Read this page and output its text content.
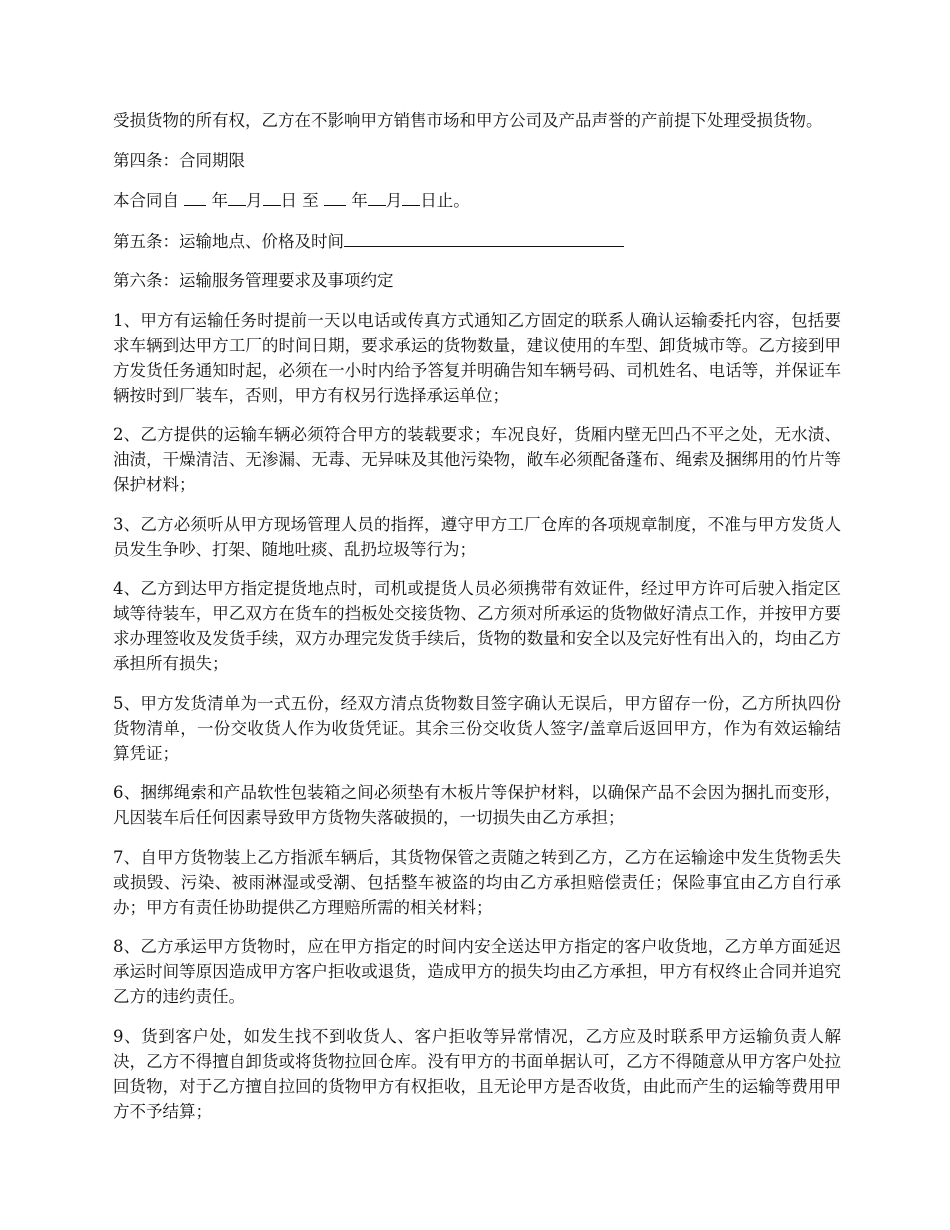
受损货物的所有权，乙方在不影响甲方销售市场和甲方公司及产品声誉的产前提下处理受损货物。

第四条：合同期限

本合同自 年 月 日 至 年 月 日止。

第五条：运输地点、价格及时间

第六条：运输服务管理要求及事项约定

1、甲方有运输任务时提前一天以电话或传真方式通知乙方固定的联系人确认运输委托内容，包括要求车辆到达甲方工厂的时间日期，要求承运的货物数量，建议使用的车型、卸货城市等。乙方接到甲方发货任务通知时起，必须在一小时内给予答复并明确告知车辆号码、司机姓名、电话等，并保证车辆按时到厂装车，否则，甲方有权另行选择承运单位；

2、乙方提供的运输车辆必须符合甲方的装载要求；车况良好，货厢内壁无凹凸不平之处，无水渍、油渍，干燥清洁、无渗漏、无毒、无异味及其他污染物，敞车必须配备蓬布、绳索及捆绑用的竹片等保护材料；

3、乙方必须听从甲方现场管理人员的指挥，遵守甲方工厂仓库的各项规章制度，不准与甲方发货人员发生争吵、打架、随地吐痰、乱扔垃圾等行为；

4、乙方到达甲方指定提货地点时，司机或提货人员必须携带有效证件，经过甲方许可后驶入指定区域等待装车，甲乙双方在货车的挡板处交接货物、乙方须对所承运的货物做好清点工作，并按甲方要求办理签收及发货手续，双方办理完发货手续后，货物的数量和安全以及完好性有出入的，均由乙方承担所有损失；

5、甲方发货清单为一式五份，经双方清点货物数目签字确认无误后，甲方留存一份，乙方所执四份货物清单，一份交收货人作为收货凭证。其余三份交收货人签字/盖章后返回甲方，作为有效运输结算凭证；

6、捆绑绳索和产品软性包装箱之间必须垫有木板片等保护材料，以确保产品不会因为捆扎而变形，凡因装车后任何因素导致甲方货物失落破损的，一切损失由乙方承担；

7、自甲方货物装上乙方指派车辆后，其货物保管之责随之转到乙方，乙方在运输途中发生货物丢失或损毁、污染、被雨淋湿或受潮、包括整车被盗的均由乙方承担赔偿责任；保险事宜由乙方自行承办；甲方有责任协助提供乙方理赔所需的相关材料；

8、乙方承运甲方货物时，应在甲方指定的时间内安全送达甲方指定的客户收货地，乙方单方面延迟承运时间等原因造成甲方客户拒收或退货，造成甲方的损失均由乙方承担，甲方有权终止合同并追究乙方的违约责任。

9、货到客户处，如发生找不到收货人、客户拒收等异常情况，乙方应及时联系甲方运输负责人解决，乙方不得擅自卸货或将货物拉回仓库。没有甲方的书面单据认可，乙方不得随意从甲方客户处拉回货物，对于乙方擅自拉回的货物甲方有权拒收，且无论甲方是否收货，由此而产生的运输等费用甲方不予结算；
